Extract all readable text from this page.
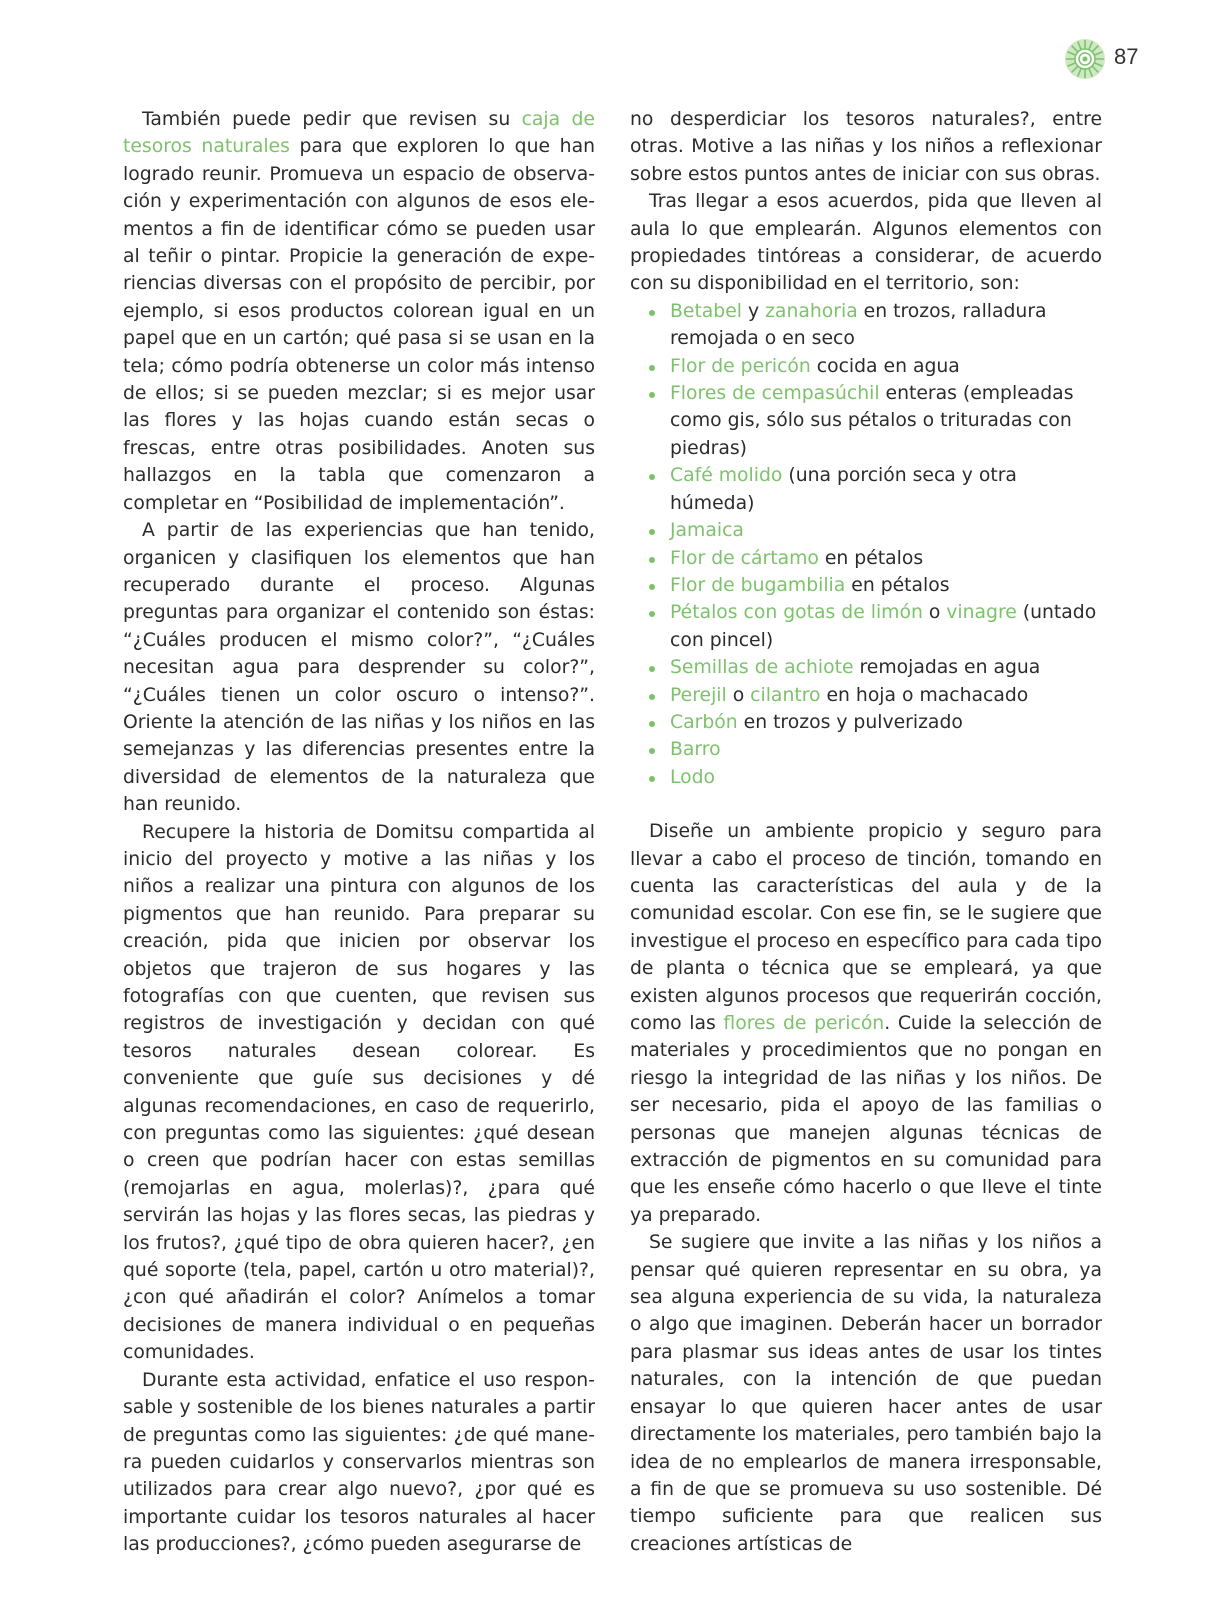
87

También puede pedir que revisen su caja de tesoros naturales para que exploren lo que han logrado reunir. Promueva un espacio de observación y experimentación con algunos de esos elementos a fin de identificar cómo se pueden usar al teñir o pintar. Propicie la generación de experiencias diversas con el propósito de percibir, por ejemplo, si esos productos colorean igual en un papel que en un cartón; qué pasa si se usan en la tela; cómo podría obtenerse un color más intenso de ellos; si se pueden mezclar; si es mejor usar las flores y las hojas cuando están secas o frescas, entre otras posibilidades. Anoten sus hallazgos en la tabla que comenzaron a completar en “Posibilidad de implementación”.

A partir de las experiencias que han tenido, organicen y clasifiquen los elementos que han recuperado durante el proceso. Algunas preguntas para organizar el contenido son éstas: “¿Cuáles producen el mismo color?”, “¿Cuáles necesitan agua para desprender su color?”, “¿Cuáles tienen un color oscuro o intenso?”. Oriente la atención de las niñas y los niños en las semejanzas y las diferencias presentes entre la diversidad de elementos de la naturaleza que han reunido.

Recupere la historia de Domitsu compartida al inicio del proyecto y motive a las niñas y los niños a realizar una pintura con algunos de los pigmentos que han reunido. Para preparar su creación, pida que inicien por observar los objetos que trajeron de sus hogares y las fotografías con que cuenten, que revisen sus registros de investigación y decidan con qué tesoros naturales desean colorear. Es conveniente que guíe sus decisiones y dé algunas recomendaciones, en caso de requerirlo, con preguntas como las siguientes: ¿qué desean o creen que podrían hacer con estas semillas (remojarlas en agua, molerlas)?, ¿para qué servirán las hojas y las flores secas, las piedras y los frutos?, ¿qué tipo de obra quieren hacer?, ¿en qué soporte (tela, papel, cartón u otro material)?, ¿con qué añadirán el color? Anímelos a tomar decisiones de manera individual o en pequeñas comunidades.

Durante esta actividad, enfatice el uso responsable y sostenible de los bienes naturales a partir de preguntas como las siguientes: ¿de qué manera pueden cuidarlos y conservarlos mientras son utilizados para crear algo nuevo?, ¿por qué es importante cuidar los tesoros naturales al hacer las producciones?, ¿cómo pueden asegurarse de

no desperdiciar los tesoros naturales?, entre otras. Motive a las niñas y los niños a reflexionar sobre estos puntos antes de iniciar con sus obras.

Tras llegar a esos acuerdos, pida que lleven al aula lo que emplearán. Algunos elementos con propiedades tintóreas a considerar, de acuerdo con su disponibilidad en el territorio, son:

Betabel y zanahoria en trozos, ralladura remojada o en seco
Flor de pericón cocida en agua
Flores de cempasúchil enteras (empleadas como gis, sólo sus pétalos o trituradas con piedras)
Café molido (una porción seca y otra húmeda)
Jamaica
Flor de cártamo en pétalos
Flor de bugambilia en pétalos
Pétalos con gotas de limón o vinagre (untado con pincel)
Semillas de achiote remojadas en agua
Perejil o cilantro en hoja o machacado
Carbón en trozos y pulverizado
Barro
Lodo

Diseñe un ambiente propicio y seguro para llevar a cabo el proceso de tinción, tomando en cuenta las características del aula y de la comunidad escolar. Con ese fin, se le sugiere que investigue el proceso en específico para cada tipo de planta o técnica que se empleará, ya que existen algunos procesos que requerirán cocción, como las flores de pericón. Cuide la selección de materiales y procedimientos que no pongan en riesgo la integridad de las niñas y los niños. De ser necesario, pida el apoyo de las familias o personas que manejen algunas técnicas de extracción de pigmentos en su comunidad para que les enseñe cómo hacerlo o que lleve el tinte ya preparado.

Se sugiere que invite a las niñas y los niños a pensar qué quieren representar en su obra, ya sea alguna experiencia de su vida, la naturaleza o algo que imaginen. Deberán hacer un borrador para plasmar sus ideas antes de usar los tintes naturales, con la intención de que puedan ensayar lo que quieren hacer antes de usar directamente los materiales, pero también bajo la idea de no emplearlos de manera irresponsable, a fin de que se promueva su uso sostenible. Dé tiempo suficiente para que realicen sus creaciones artísticas de
